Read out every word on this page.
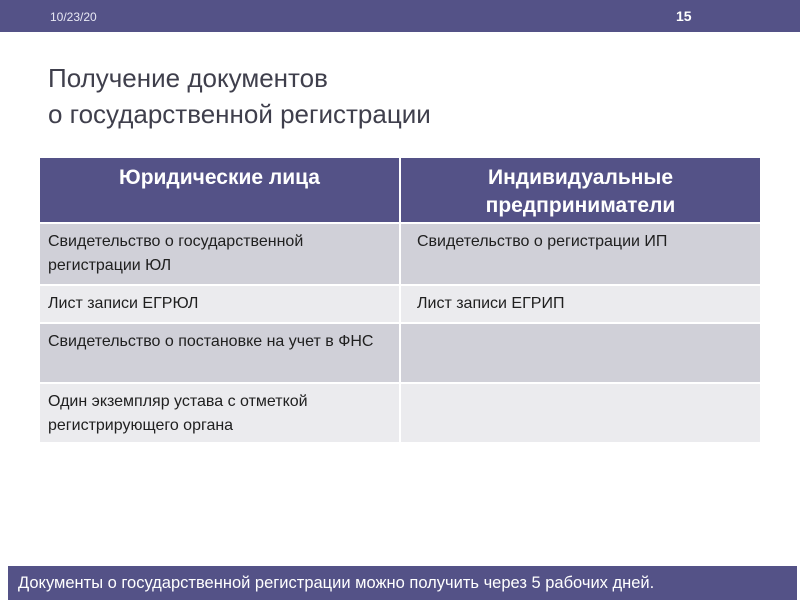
10/23/20	15
Получение документов
о государственной регистрации
Юридические лица	Индивидуальные предприниматели
Свидетельство о государственной регистрации ЮЛ	Свидетельство о регистрации ИП
Лист записи ЕГРЮЛ	Лист записи ЕГРИП
Свидетельство о постановке на учет в ФНС	
Один экземпляр устава с отметкой регистрирующего органа	
Документы о государственной регистрации можно получить через 5 рабочих дней.
